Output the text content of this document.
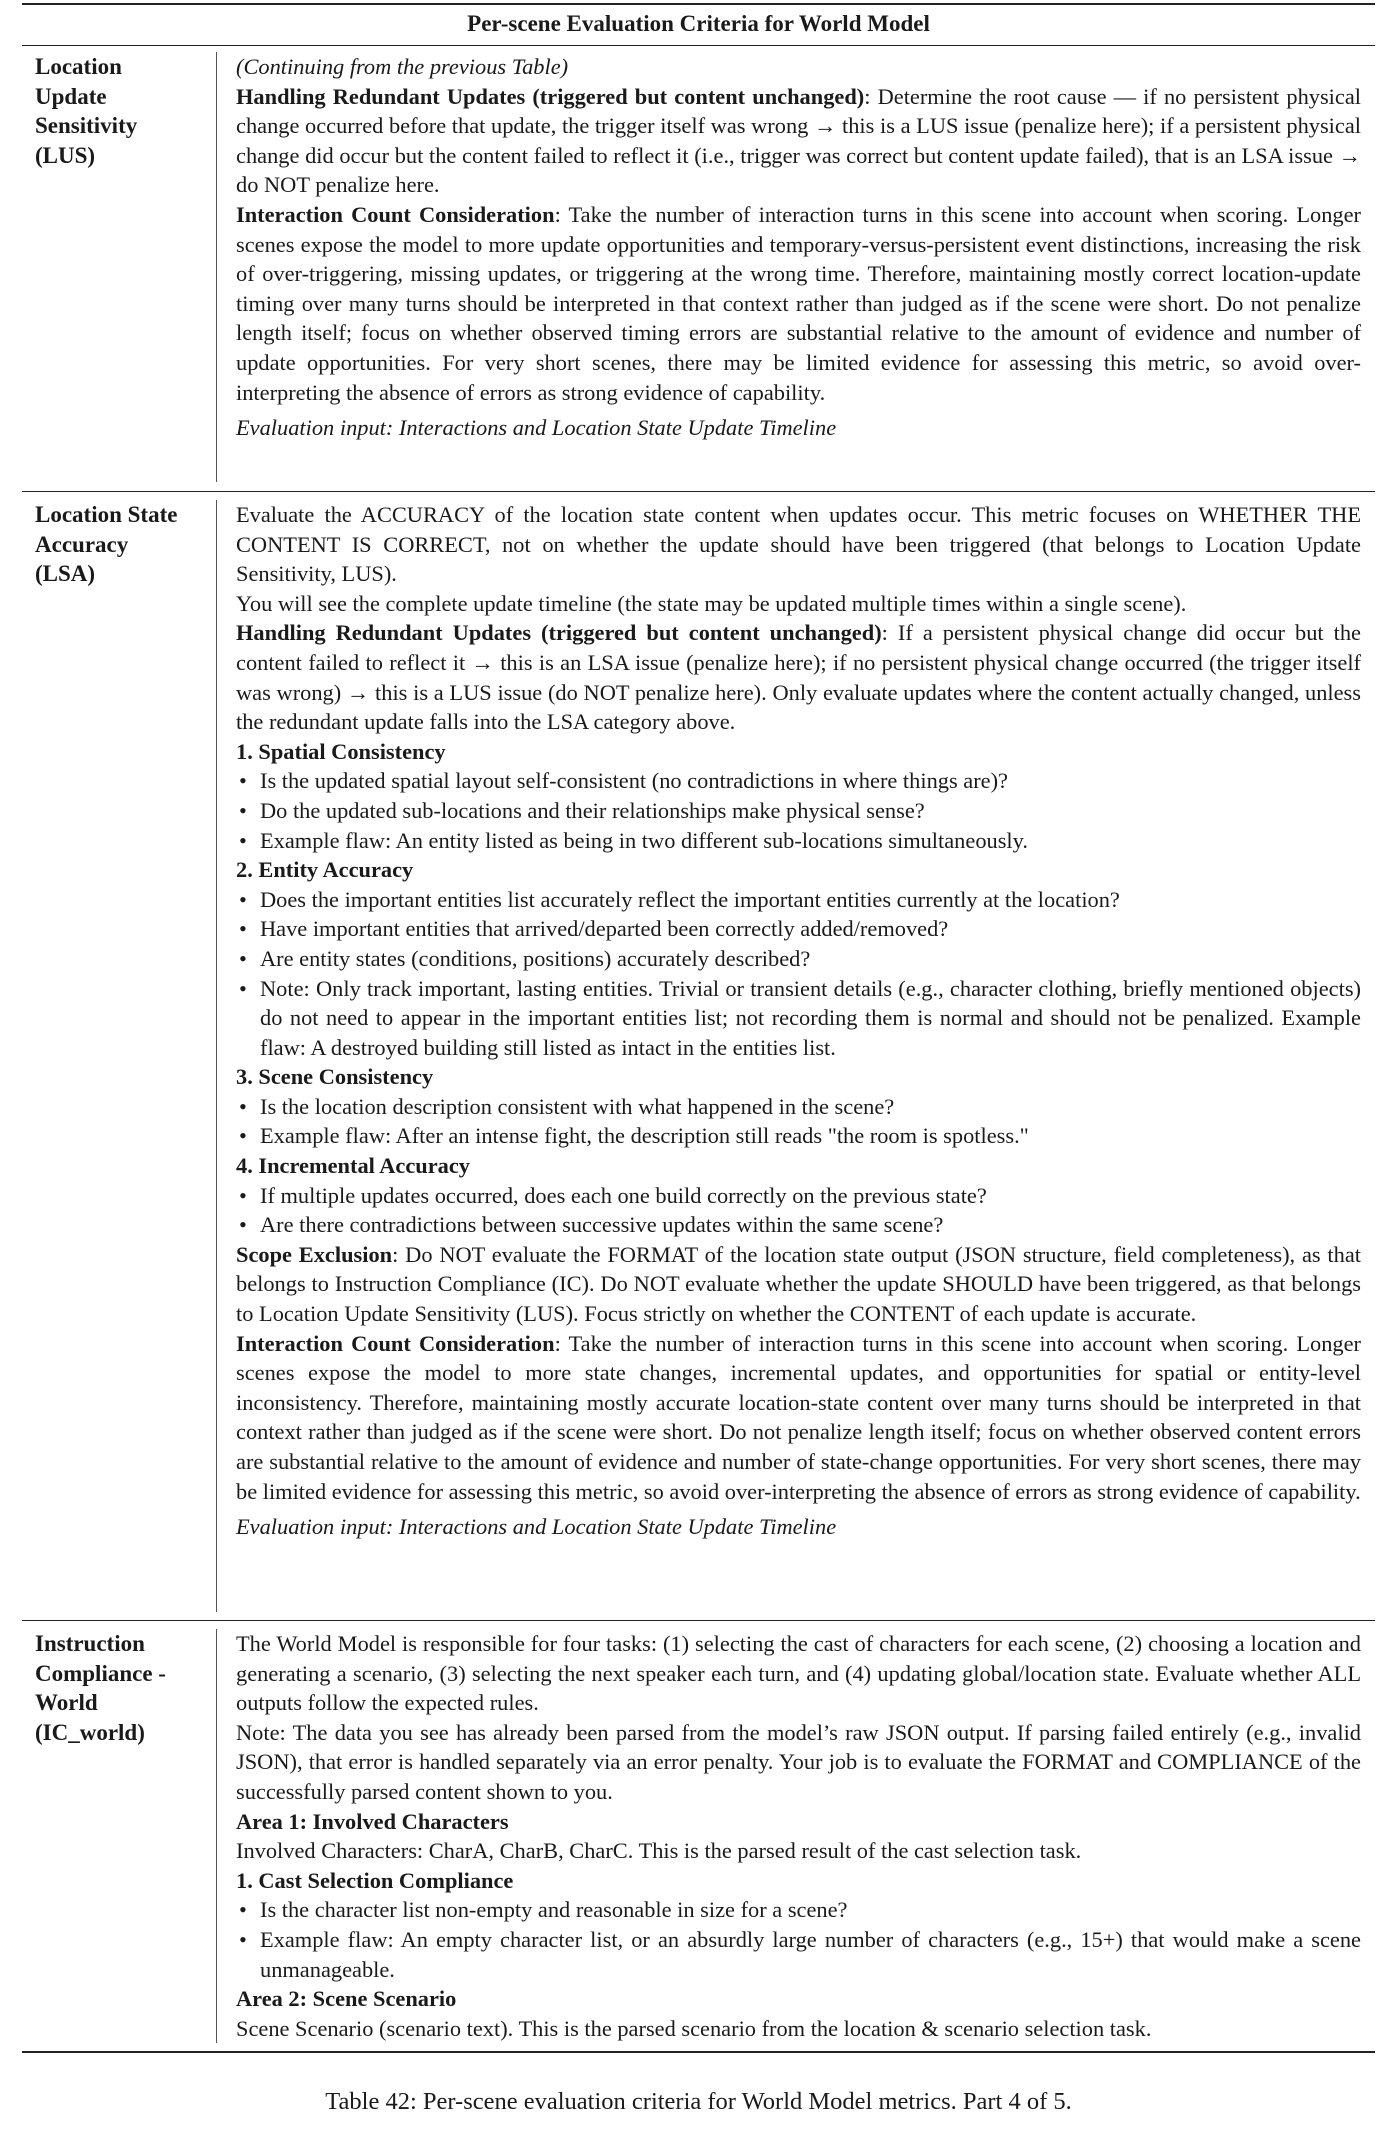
Per-scene Evaluation Criteria for World Model
Location
Update
Sensitivity
(LUS)

(Continuing from the previous Table)

Handling Redundant Updates (triggered but content unchanged): Determine the root cause — if no persistent physical change occurred before that update, the trigger itself was wrong → this is a LUS issue (penalize here); if a persistent physical change did occur but the content failed to reflect it (i.e., trigger was correct but content update failed), that is an LSA issue → do NOT penalize here.

Interaction Count Consideration: Take the number of interaction turns in this scene into account when scoring. Longer scenes expose the model to more update opportunities and temporary-versus-persistent event distinctions, increasing the risk of over-triggering, missing updates, or triggering at the wrong time. Therefore, maintaining mostly correct location-update timing over many turns should be interpreted in that context rather than judged as if the scene were short. Do not penalize length itself; focus on whether observed timing errors are substantial relative to the amount of evidence and number of update opportunities. For very short scenes, there may be limited evidence for assessing this metric, so avoid over-interpreting the absence of errors as strong evidence of capability.

Evaluation input: Interactions and Location State Update Timeline

Location State
Accuracy
(LSA)

Evaluate the ACCURACY of the location state content when updates occur. This metric focuses on WHETHER THE CONTENT IS CORRECT, not on whether the update should have been triggered (that belongs to Location Update Sensitivity, LUS).

You will see the complete update timeline (the state may be updated multiple times within a single scene).

Handling Redundant Updates (triggered but content unchanged): If a persistent physical change did occur but the content failed to reflect it → this is an LSA issue (penalize here); if no persistent physical change occurred (the trigger itself was wrong) → this is a LUS issue (do NOT penalize here). Only evaluate updates where the content actually changed, unless the redundant update falls into the LSA category above.

1. Spatial Consistency

• Is the updated spatial layout self-consistent (no contradictions in where things are)?
• Do the updated sub-locations and their relationships make physical sense?
• Example flaw: An entity listed as being in two different sub-locations simultaneously.

2. Entity Accuracy

• Does the important entities list accurately reflect the important entities currently at the location?
• Have important entities that arrived/departed been correctly added/removed?
• Are entity states (conditions, positions) accurately described?
• Note: Only track important, lasting entities. Trivial or transient details (e.g., character clothing, briefly mentioned objects) do not need to appear in the important entities list; not recording them is normal and should not be penalized. Example flaw: A destroyed building still listed as intact in the entities list.

3. Scene Consistency

• Is the location description consistent with what happened in the scene?
• Example flaw: After an intense fight, the description still reads "the room is spotless."

4. Incremental Accuracy

• If multiple updates occurred, does each one build correctly on the previous state?
• Are there contradictions between successive updates within the same scene?

Scope Exclusion: Do NOT evaluate the FORMAT of the location state output (JSON structure, field completeness), as that belongs to Instruction Compliance (IC). Do NOT evaluate whether the update SHOULD have been triggered, as that belongs to Location Update Sensitivity (LUS). Focus strictly on whether the CONTENT of each update is accurate.

Interaction Count Consideration: Take the number of interaction turns in this scene into account when scoring. Longer scenes expose the model to more state changes, incremental updates, and opportunities for spatial or entity-level inconsistency. Therefore, maintaining mostly accurate location-state content over many turns should be interpreted in that context rather than judged as if the scene were short. Do not penalize length itself; focus on whether observed content errors are substantial relative to the amount of evidence and number of state-change opportunities. For very short scenes, there may be limited evidence for assessing this metric, so avoid over-interpreting the absence of errors as strong evidence of capability.

Evaluation input: Interactions and Location State Update Timeline

Instruction
Compliance -
World
(IC_world)

The World Model is responsible for four tasks: (1) selecting the cast of characters for each scene, (2) choosing a location and generating a scenario, (3) selecting the next speaker each turn, and (4) updating global/location state. Evaluate whether ALL outputs follow the expected rules.

Note: The data you see has already been parsed from the model’s raw JSON output. If parsing failed entirely (e.g., invalid JSON), that error is handled separately via an error penalty. Your job is to evaluate the FORMAT and COMPLIANCE of the successfully parsed content shown to you.

Area 1: Involved Characters

Involved Characters: CharA, CharB, CharC. This is the parsed result of the cast selection task.

1. Cast Selection Compliance

• Is the character list non-empty and reasonable in size for a scene?
• Example flaw: An empty character list, or an absurdly large number of characters (e.g., 15+) that would make a scene unmanageable.

Area 2: Scene Scenario

Scene Scenario (scenario text). This is the parsed scenario from the location & scenario selection task.

Table 42: Per-scene evaluation criteria for World Model metrics. Part 4 of 5.
